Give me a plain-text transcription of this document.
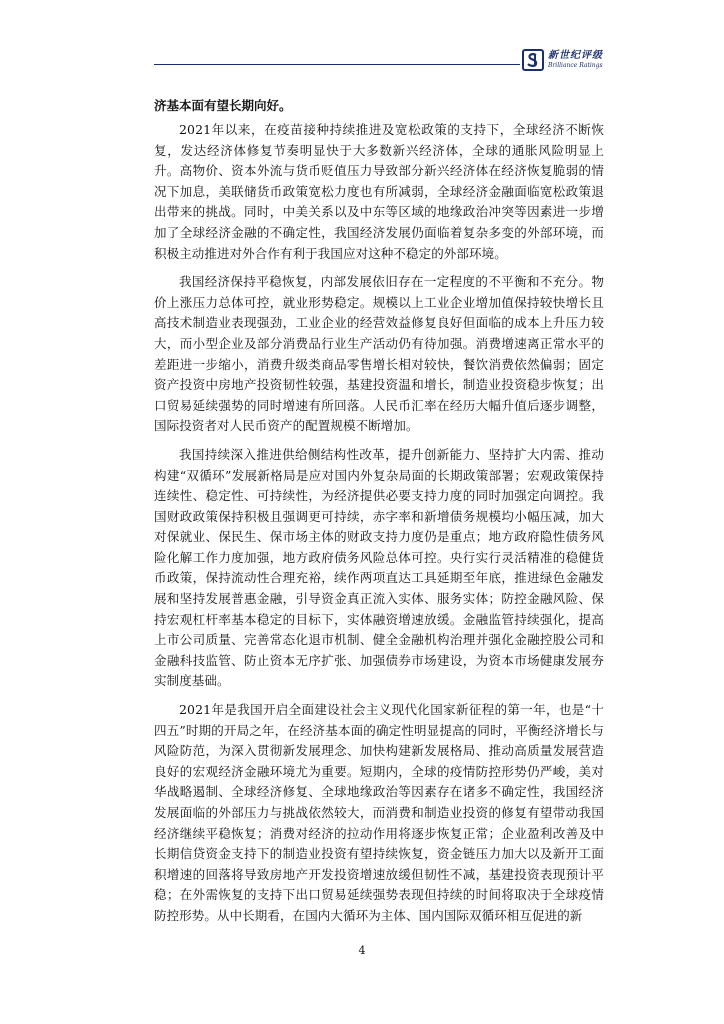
新世纪评级
Brilliance Ratings

济基本面有望长期向好。

2021年以来，在疫苗接种持续推进及宽松政策的支持下，全球经济不断恢复，发达经济体修复节奏明显快于大多数新兴经济体，全球的通胀风险明显上升。高物价、资本外流与货币贬值压力导致部分新兴经济体在经济恢复脆弱的情况下加息，美联储货币政策宽松力度也有所减弱，全球经济金融面临宽松政策退出带来的挑战。同时，中美关系以及中东等区域的地缘政治冲突等因素进一步增加了全球经济金融的不确定性，我国经济发展仍面临着复杂多变的外部环境，而积极主动推进对外合作有利于我国应对这种不稳定的外部环境。

我国经济保持平稳恢复，内部发展依旧存在一定程度的不平衡和不充分。物价上涨压力总体可控，就业形势稳定。规模以上工业企业增加值保持较快增长且高技术制造业表现强劲，工业企业的经营效益修复良好但面临的成本上升压力较大，而小型企业及部分消费品行业生产活动仍有待加强。消费增速离正常水平的差距进一步缩小，消费升级类商品零售增长相对较快，餐饮消费依然偏弱；固定资产投资中房地产投资韧性较强，基建投资温和增长，制造业投资稳步恢复；出口贸易延续强势的同时增速有所回落。人民币汇率在经历大幅升值后逐步调整，国际投资者对人民币资产的配置规模不断增加。

我国持续深入推进供给侧结构性改革，提升创新能力、坚持扩大内需、推动构建“双循环”发展新格局是应对国内外复杂局面的长期政策部署；宏观政策保持连续性、稳定性、可持续性，为经济提供必要支持力度的同时加强定向调控。我国财政政策保持积极且强调更可持续，赤字率和新增债务规模均小幅压减，加大对保就业、保民生、保市场主体的财政支持力度仍是重点；地方政府隐性债务风险化解工作力度加强，地方政府债务风险总体可控。央行实行灵活精准的稳健货币政策，保持流动性合理充裕，续作两项直达工具延期至年底，推进绿色金融发展和坚持发展普惠金融，引导资金真正流入实体、服务实体；防控金融风险、保持宏观杠杆率基本稳定的目标下，实体融资增速放缓。金融监管持续强化，提高上市公司质量、完善常态化退市机制、健全金融机构治理并强化金融控股公司和金融科技监管、防止资本无序扩张、加强债券市场建设，为资本市场健康发展夯实制度基础。

2021年是我国开启全面建设社会主义现代化国家新征程的第一年，也是“十四五”时期的开局之年，在经济基本面的确定性明显提高的同时，平衡经济增长与风险防范，为深入贯彻新发展理念、加快构建新发展格局、推动高质量发展营造良好的宏观经济金融环境尤为重要。短期内，全球的疫情防控形势仍严峻，美对华战略遏制、全球经济修复、全球地缘政治等因素存在诸多不确定性，我国经济发展面临的外部压力与挑战依然较大，而消费和制造业投资的修复有望带动我国经济继续平稳恢复；消费对经济的拉动作用将逐步恢复正常；企业盈利改善及中长期信贷资金支持下的制造业投资有望持续恢复，资金链压力加大以及新开工面积增速的回落将导致房地产开发投资增速放缓但韧性不减，基建投资表现预计平稳；在外需恢复的支持下出口贸易延续强势表现但持续的时间将取决于全球疫情防控形势。从中长期看，在国内大循环为主体、国内国际双循环相互促进的新

4
